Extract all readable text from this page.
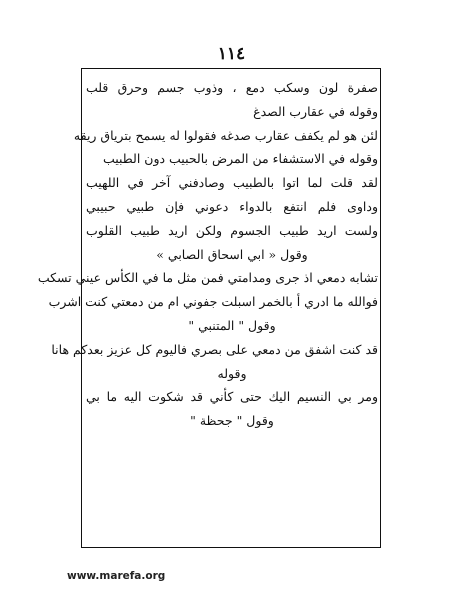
١١٤
صفرة لون وسكب دمع ، وذوب جسم وحرق قلب
وقوله في عقارب الصدغ
لئن هو لم يكفف عقارب صدغه فقولوا له يسمح بترياق ريقه
وقوله في الاستشفاء من المرض بالحبيب دون الطبيب
لقد قلت لما اتوا بالطبيب وصادفني آخر في اللهيب
وداوى فلم انتفع بالدواء دعوني فإن طبيي حبيبي
ولست اريد طبيب الجسوم ولكن اريد طبيب القلوب
وقول « ابي اسحاق الصابي »
تشابه دمعي اذ جرى ومدامتي فمن مثل ما في الكأس عيني تسكب
فوالله ما ادري أ بالخمر اسبلت جفوني ام من دمعتي كنت اشرب
وقول " المتنبي "
قد كنت اشفق من دمعي على بصري فاليوم كل عزيز بعدكم هانا
وقوله
ومر بي النسيم اليك حتى كأني قد شكوت اليه ما بي
وقول " جحظة "
www.marefa.org
